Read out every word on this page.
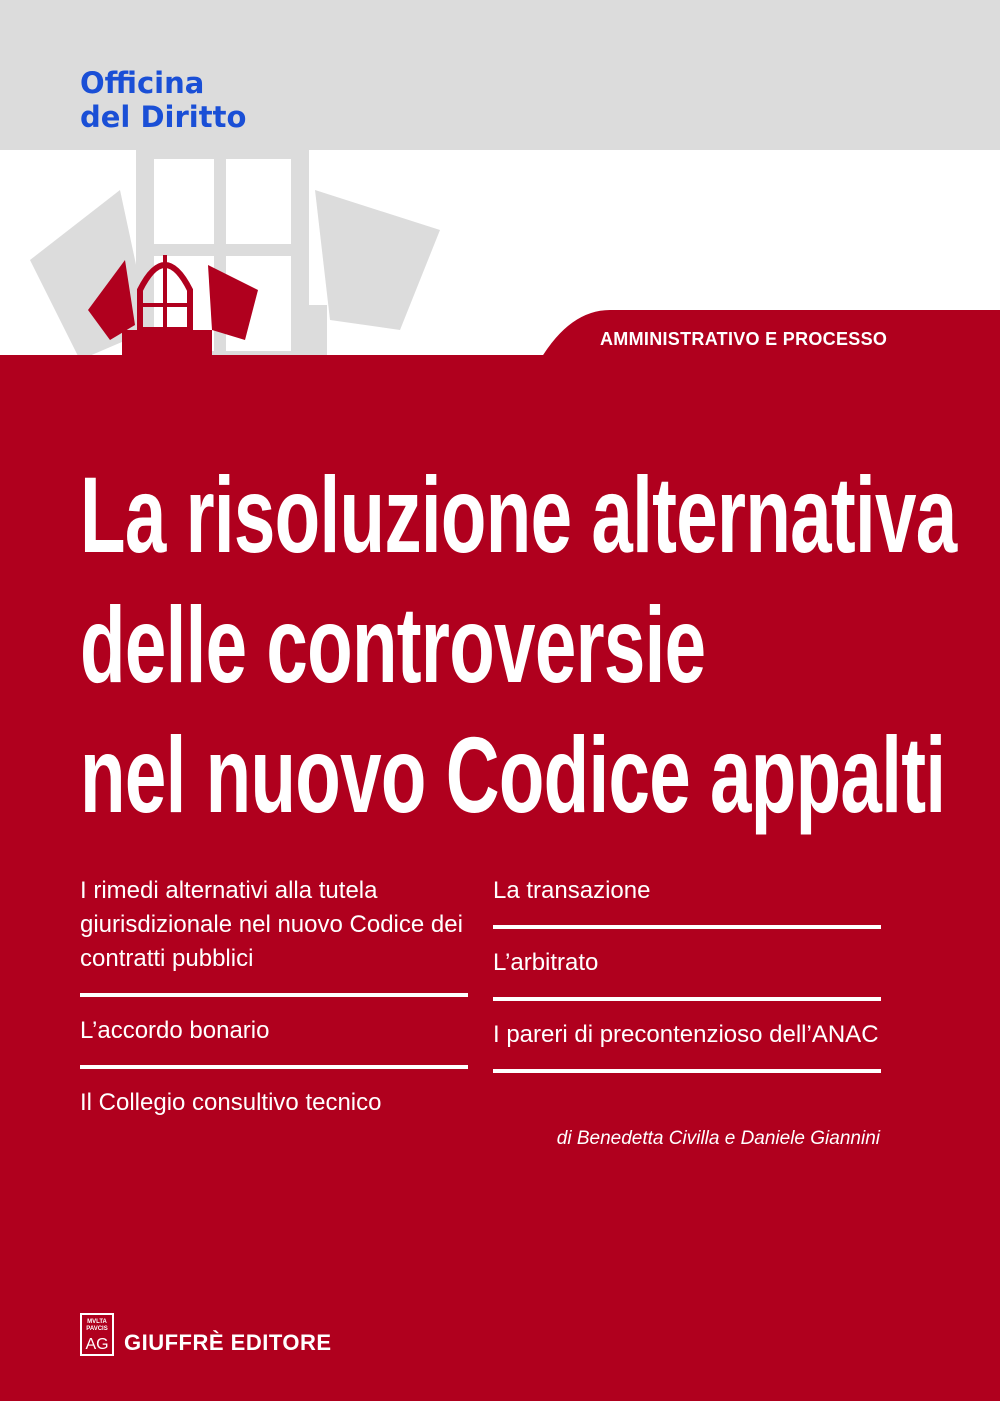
Officina
del Diritto
AMMINISTRATIVO E PROCESSO
La risoluzione alternativa
delle controversie
nel nuovo Codice appalti
I rimedi alternativi alla tutela giurisdizionale nel nuovo Codice dei contratti pubblici
L’accordo bonario
Il Collegio consultivo tecnico
La transazione
L’arbitrato
I pareri di precontenzioso dell’ANAC
di Benedetta Civilla e Daniele Giannini
MVLTA PAVCIS
AG GIUFFRÈ EDITORE
